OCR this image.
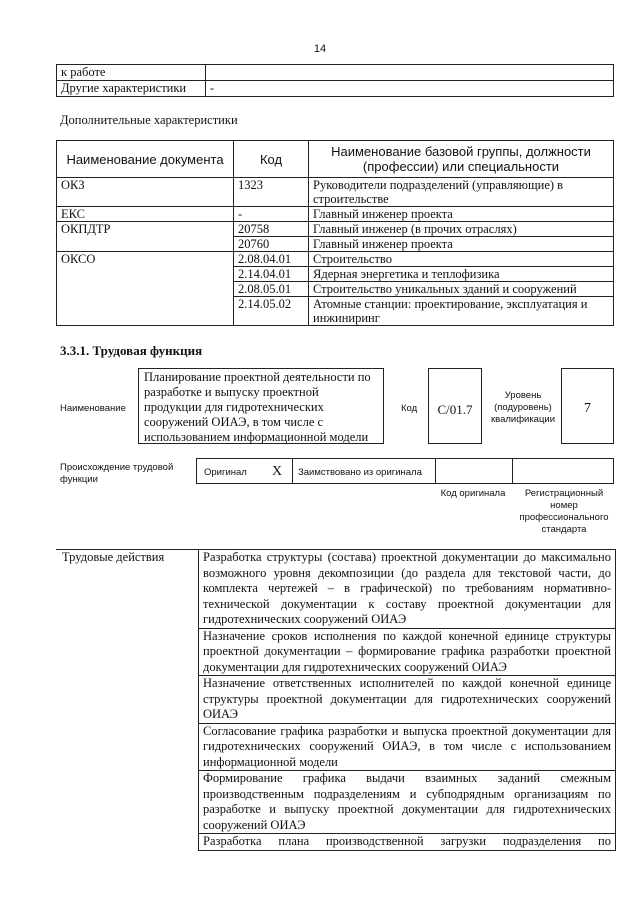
14
к работе	
Другие характеристики	-
Дополнительные характеристики
Наименование документа	Код	Наименование базовой группы, должности (профессии) или специальности
ОКЗ	1323	Руководители подразделений (управляющие) в строительстве
ЕКС	-	Главный инженер проекта
ОКПДТР	20758	Главный инженер (в прочих отраслях)
	20760	Главный инженер проекта
ОКСО	2.08.04.01	Строительство
	2.14.04.01	Ядерная энергетика и теплофизика
	2.08.05.01	Строительство уникальных зданий и сооружений
	2.14.05.02	Атомные станции: проектирование, эксплуатация и инжиниринг
3.3.1. Трудовая функция
Наименование
Планирование проектной деятельности по разработке и выпуску проектной продукции для гидротехнических сооружений ОИАЭ, в том числе с использованием информационной модели
Код	C/01.7
Уровень (подуровень) квалификации
7
Происхождение трудовой функции
Оригинал X Заимствовано из оригинала
Код оригинала	Регистрационный номер профессионального стандарта
Трудовые действия	Разработка структуры (состава) проектной документации до максимально возможного уровня декомпозиции (до раздела для текстовой части, до комплекта чертежей – в графической) по требованиям нормативно-технической документации к составу проектной документации для гидротехнических сооружений ОИАЭ
Назначение сроков исполнения по каждой конечной единице структуры проектной документации – формирование графика разработки проектной документации для гидротехнических сооружений ОИАЭ
Назначение ответственных исполнителей по каждой конечной единице структуры проектной документации для гидротехнических сооружений ОИАЭ
Согласование графика разработки и выпуска проектной документации для гидротехнических сооружений ОИАЭ, в том числе с использованием информационной модели
Формирование графика выдачи взаимных заданий смежным производственным подразделениям и субподрядным организациям по разработке и выпуску проектной документации для гидротехнических сооружений ОИАЭ
Разработка плана производственной загрузки подразделения по
